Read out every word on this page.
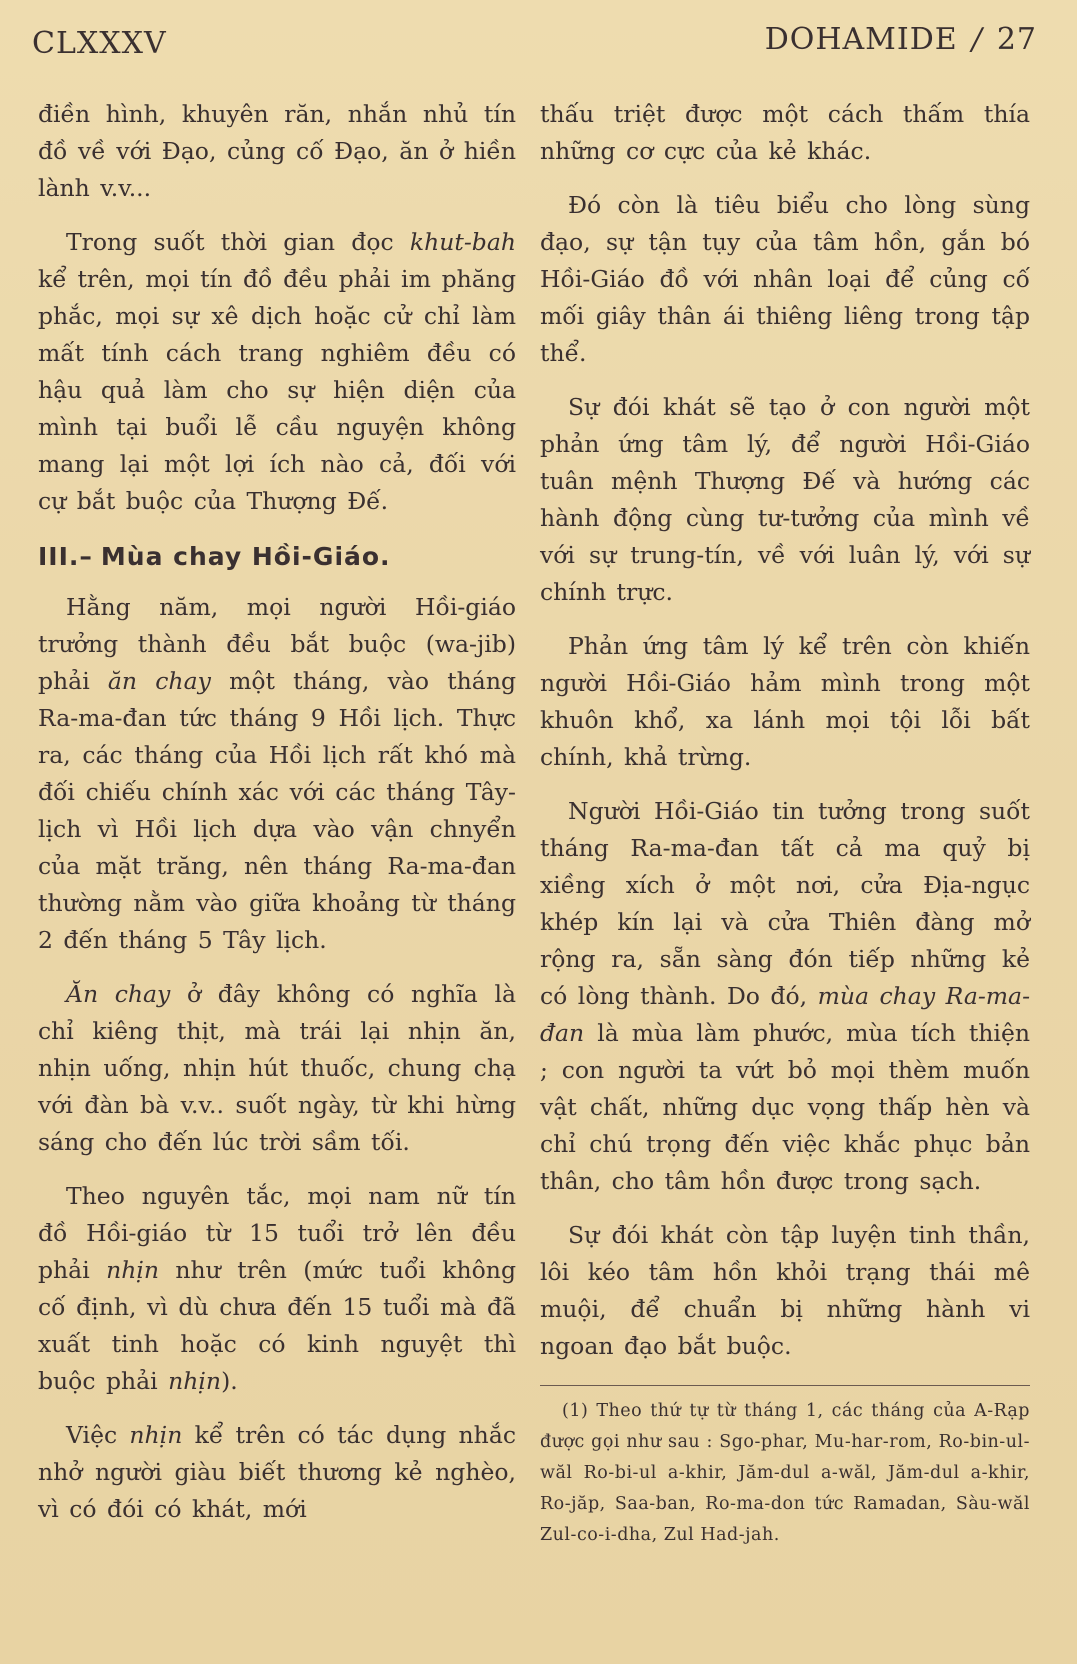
CLXXXV	DOHAMIDE / 27

điền hình, khuyên răn, nhắn nhủ tín đồ về với Đạo, củng cố Đạo, ăn ở hiền lành v.v...

Trong suốt thời gian đọc khut-bah kể trên, mọi tín đồ đều phải im phăng phắc, mọi sự xê dịch hoặc cử chỉ làm mất tính cách trang nghiêm đều có hậu quả làm cho sự hiện diện của mình tại buổi lễ cầu nguyện không mang lại một lợi ích nào cả, đối với cự bắt buộc của Thượng Đế.

III.– Mùa chay Hồi-Giáo.

Hằng năm, mọi người Hồi-giáo trưởng thành đều bắt buộc (wa-jib) phải ăn chay một tháng, vào tháng Ra-ma-đan tức tháng 9 Hồi lịch. Thực ra, các tháng của Hồi lịch rất khó mà đối chiếu chính xác với các tháng Tây-lịch vì Hồi lịch dựa vào vận chnyển của mặt trăng, nên tháng Ra-ma-đan thường nằm vào giữa khoảng từ tháng 2 đến tháng 5 Tây lịch.

Ăn chay ở đây không có nghĩa là chỉ kiêng thịt, mà trái lại nhịn ăn, nhịn uống, nhịn hút thuốc, chung chạ với đàn bà v.v.. suốt ngày, từ khi hừng sáng cho đến lúc trời sầm tối.

Theo nguyên tắc, mọi nam nữ tín đồ Hồi-giáo từ 15 tuổi trở lên đều phải nhịn như trên (mức tuổi không cố định, vì dù chưa đến 15 tuổi mà đã xuất tinh hoặc có kinh nguyệt thì buộc phải nhịn).

Việc nhịn kể trên có tác dụng nhắc nhở người giàu biết thương kẻ nghèo, vì có đói có khát, mới

thấu triệt được một cách thấm thía những cơ cực của kẻ khác.

Đó còn là tiêu biểu cho lòng sùng đạo, sự tận tụy của tâm hồn, gắn bó Hồi-Giáo đồ với nhân loại để củng cố mối giây thân ái thiêng liêng trong tập thể.

Sự đói khát sẽ tạo ở con người một phản ứng tâm lý, để người Hồi-Giáo tuân mệnh Thượng Đế và hướng các hành động cùng tư-tưởng của mình về với sự trung-tín, về với luân lý, với sự chính trực.

Phản ứng tâm lý kể trên còn khiến người Hồi-Giáo hảm mình trong một khuôn khổ, xa lánh mọi tội lỗi bất chính, khả trừng.

Người Hồi-Giáo tin tưởng trong suốt tháng Ra-ma-đan tất cả ma quỷ bị xiềng xích ở một nơi, cửa Địa-ngục khép kín lại và cửa Thiên đàng mở rộng ra, sẵn sàng đón tiếp những kẻ có lòng thành. Do đó, mùa chay Ra-ma-đan là mùa làm phước, mùa tích thiện ; con người ta vứt bỏ mọi thèm muốn vật chất, những dục vọng thấp hèn và chỉ chú trọng đến việc khắc phục bản thân, cho tâm hồn được trong sạch.

Sự đói khát còn tập luyện tinh thần, lôi kéo tâm hồn khỏi trạng thái mê muội, để chuẩn bị những hành vi ngoan đạo bắt buộc.

(1) Theo thứ tự từ tháng 1, các tháng của A-Rạp được gọi như sau : Sgo-phar, Mu-har-rom, Ro-bin-ul-wăl Ro-bi-ul a-khir, Jăm-dul a-wăl, Jăm-dul a-khir, Ro-jăp, Saa-ban, Ro-ma-don tức Ramadan, Sàu-wăl Zul-co-i-dha, Zul Had-jah.
